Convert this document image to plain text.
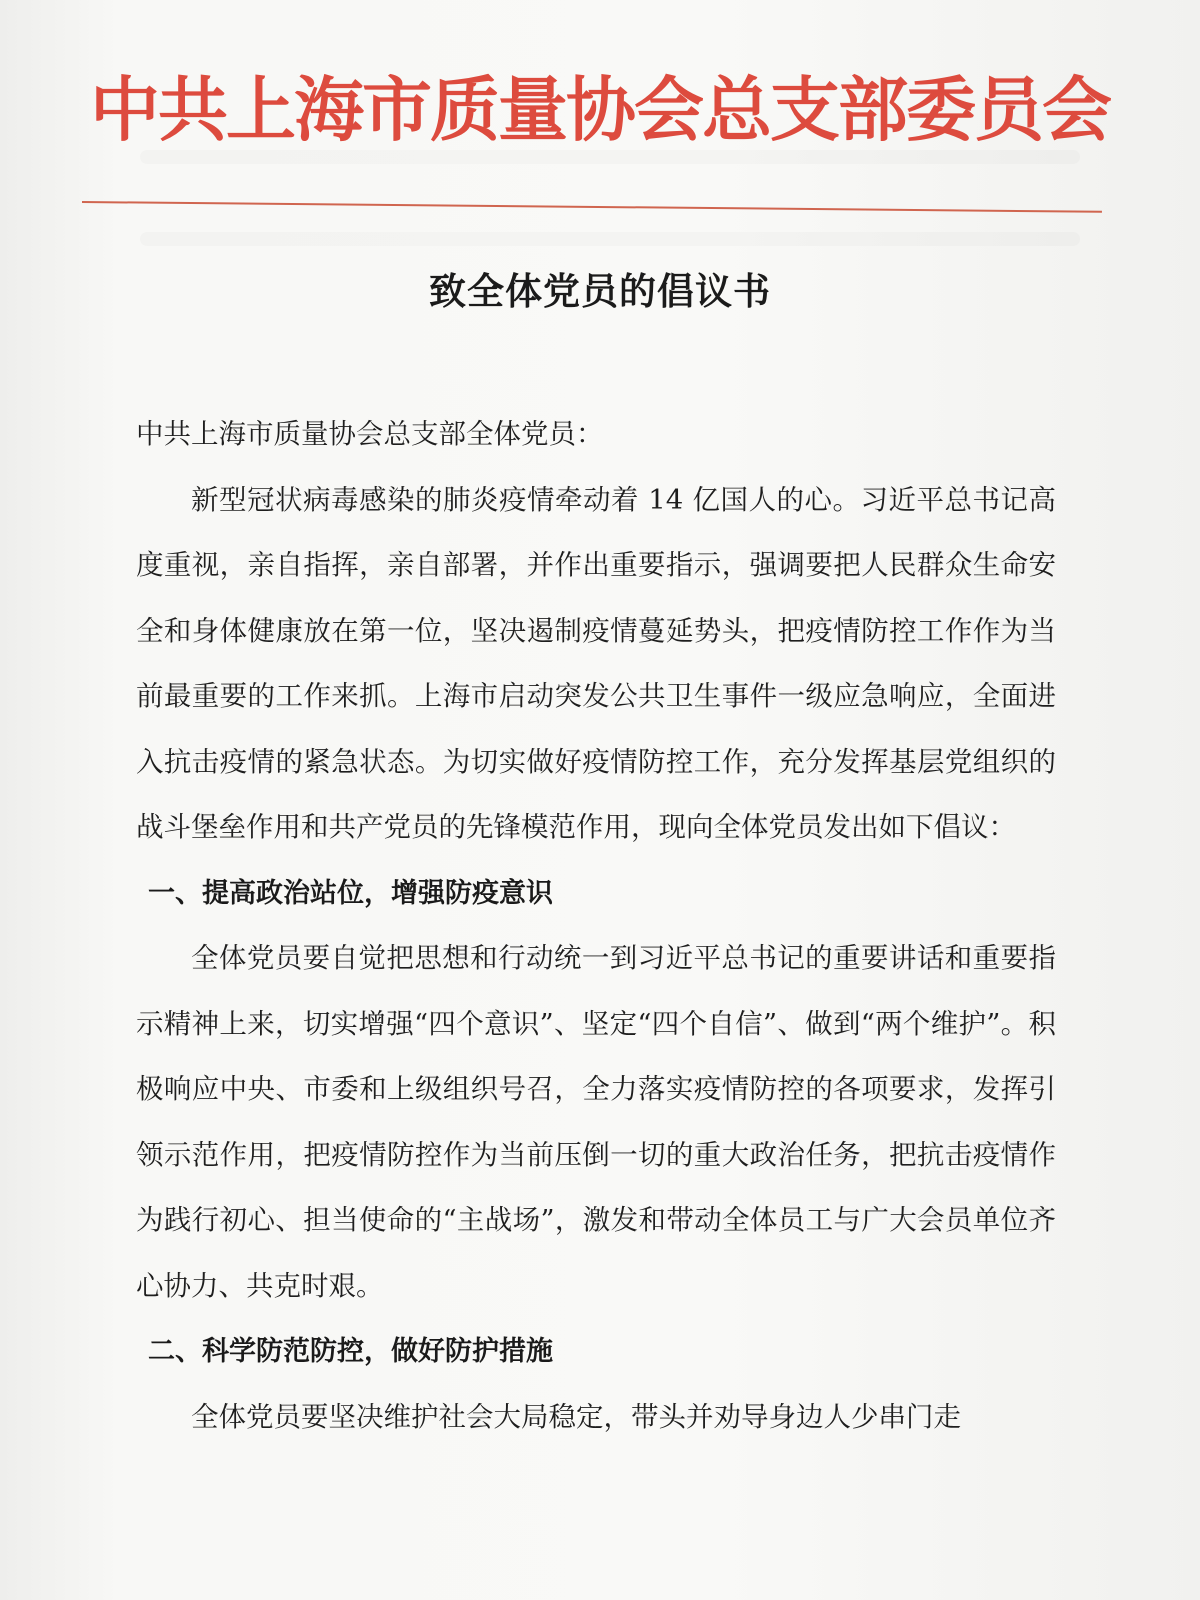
中共上海市质量协会总支部委员会
致全体党员的倡议书

中共上海市质量协会总支部全体党员：

新型冠状病毒感染的肺炎疫情牵动着 14 亿国人的心。习近平总书记高度重视，亲自指挥，亲自部署，并作出重要指示，强调要把人民群众生命安全和身体健康放在第一位，坚决遏制疫情蔓延势头，把疫情防控工作作为当前最重要的工作来抓。上海市启动突发公共卫生事件一级应急响应，全面进入抗击疫情的紧急状态。为切实做好疫情防控工作，充分发挥基层党组织的战斗堡垒作用和共产党员的先锋模范作用，现向全体党员发出如下倡议：

一、提高政治站位，增强防疫意识

全体党员要自觉把思想和行动统一到习近平总书记的重要讲话和重要指示精神上来，切实增强“四个意识”、坚定“四个自信”、做到“两个维护”。积极响应中央、市委和上级组织号召，全力落实疫情防控的各项要求，发挥引领示范作用，把疫情防控作为当前压倒一切的重大政治任务，把抗击疫情作为践行初心、担当使命的“主战场”，激发和带动全体员工与广大会员单位齐心协力、共克时艰。

二、科学防范防控，做好防护措施

全体党员要坚决维护社会大局稳定，带头并劝导身边人少串门走
